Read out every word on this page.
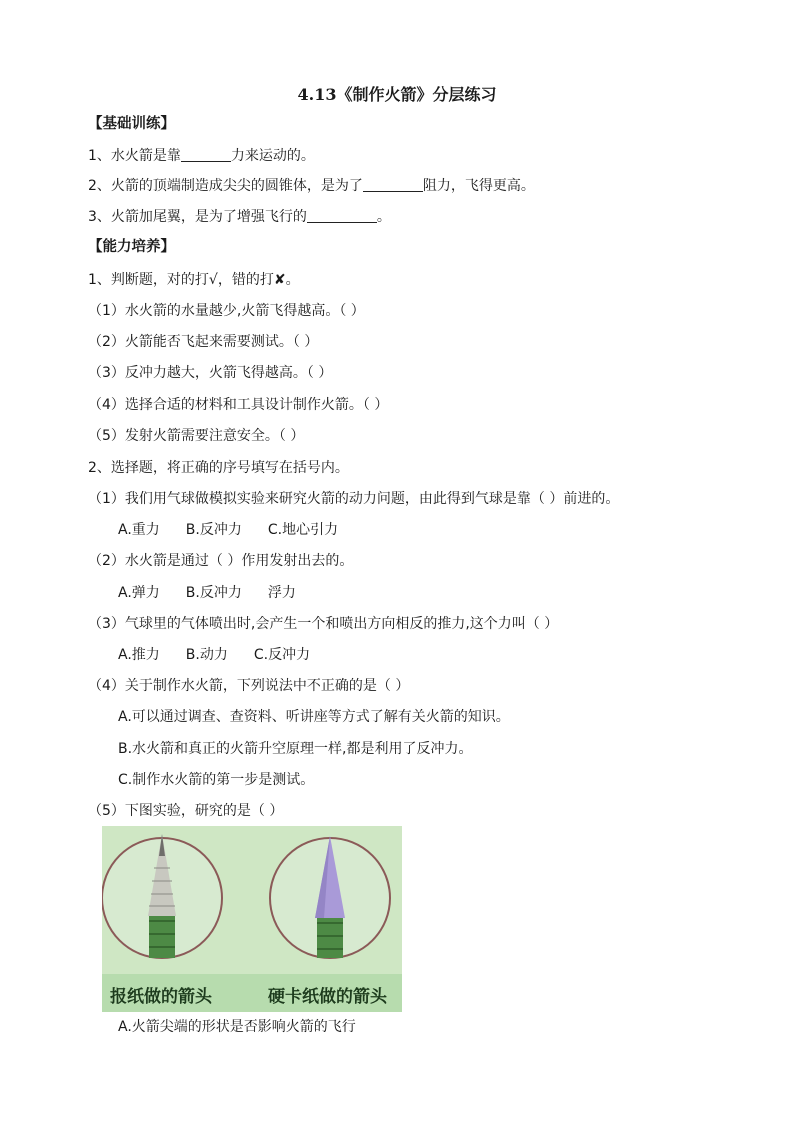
4.13《制作火箭》分层练习
【基础训练】
1、水火箭是靠	力来运动的。
2、火箭的顶端制造成尖尖的圆锥体，是为了	阻力，飞得更高。
3、火箭加尾翼，是为了增强飞行的	。
【能力培养】
1、判断题，对的打√，错的打✘。
（1）水火箭的水量越少,火箭飞得越高。（ ）
（2）火箭能否飞起来需要测试。（ ）
（3）反冲力越大，火箭飞得越高。（ ）
（4）选择合适的材料和工具设计制作火箭。（ ）
（5）发射火箭需要注意安全。（ ）
2、选择题，将正确的序号填写在括号内。
（1）我们用气球做模拟实验来研究火箭的动力问题，由此得到气球是靠（ ）前进的。
A.重力 B.反冲力 C.地心引力
（2）水火箭是通过（ ）作用发射出去的。
A.弹力 B.反冲力 浮力
（3）气球里的气体喷出时,会产生一个和喷出方向相反的推力,这个力叫（ ）
A.推力 B.动力 C.反冲力
（4）关于制作水火箭，下列说法中不正确的是（ ）
A.可以通过调查、查资料、听讲座等方式了解有关火箭的知识。
B.水火箭和真正的火箭升空原理一样,都是利用了反冲力。
C.制作水火箭的第一步是测试。
（5）下图实验，研究的是（ ）
报纸做的箭头	硬卡纸做的箭头
A.火箭尖端的形状是否影响火箭的飞行
